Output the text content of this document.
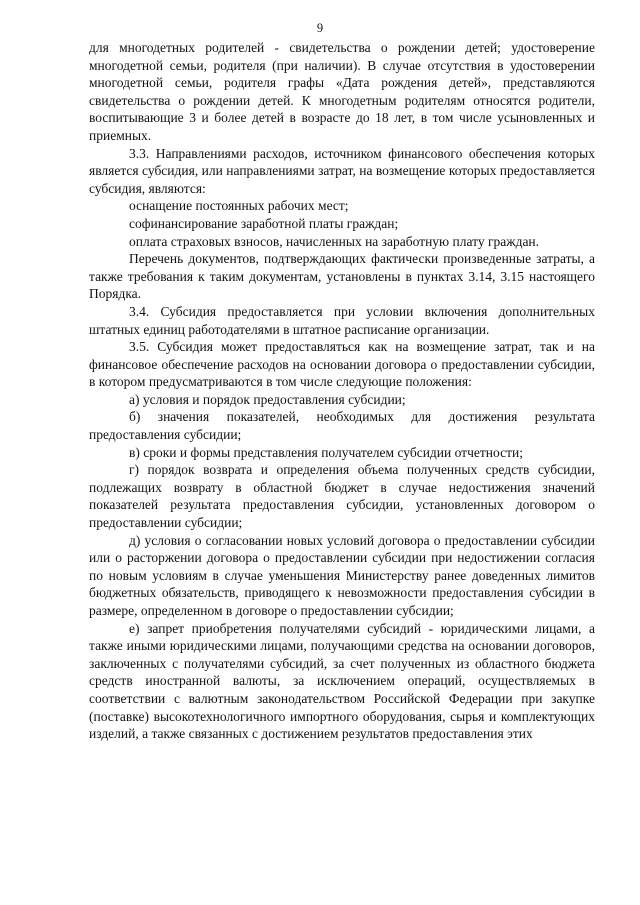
9

для многодетных родителей - свидетельства о рождении детей; удостоверение многодетной семьи, родителя (при наличии). В случае отсутствия в удостоверении многодетной семьи, родителя графы «Дата рождения детей», представляются свидетельства о рождении детей. К многодетным родителям относятся родители, воспитывающие 3 и более детей в возрасте до 18 лет, в том числе усыновленных и приемных.

3.3. Направлениями расходов, источником финансового обеспечения которых является субсидия, или направлениями затрат, на возмещение которых предоставляется субсидия, являются:

оснащение постоянных рабочих мест;

софинансирование заработной платы граждан;

оплата страховых взносов, начисленных на заработную плату граждан.

Перечень документов, подтверждающих фактически произведенные затраты, а также требования к таким документам, установлены в пунктах 3.14, 3.15 настоящего Порядка.

3.4. Субсидия предоставляется при условии включения дополнительных штатных единиц работодателями в штатное расписание организации.

3.5. Субсидия может предоставляться как на возмещение затрат, так и на финансовое обеспечение расходов на основании договора о предоставлении субсидии, в котором предусматриваются в том числе следующие положения:

а) условия и порядок предоставления субсидии;

б) значения показателей, необходимых для достижения результата предоставления субсидии;

в) сроки и формы представления получателем субсидии отчетности;

г) порядок возврата и определения объема полученных средств субсидии, подлежащих возврату в областной бюджет в случае недостижения значений показателей результата предоставления субсидии, установленных договором о предоставлении субсидии;

д) условия о согласовании новых условий договора о предоставлении субсидии или о расторжении договора о предоставлении субсидии при недостижении согласия по новым условиям в случае уменьшения Министерству ранее доведенных лимитов бюджетных обязательств, приводящего к невозможности предоставления субсидии в размере, определенном в договоре о предоставлении субсидии;

е) запрет приобретения получателями субсидий - юридическими лицами, а также иными юридическими лицами, получающими средства на основании договоров, заключенных с получателями субсидий, за счет полученных из областного бюджета средств иностранной валюты, за исключением операций, осуществляемых в соответствии с валютным законодательством Российской Федерации при закупке (поставке) высокотехнологичного импортного оборудования, сырья и комплектующих изделий, а также связанных с достижением результатов предоставления этих
